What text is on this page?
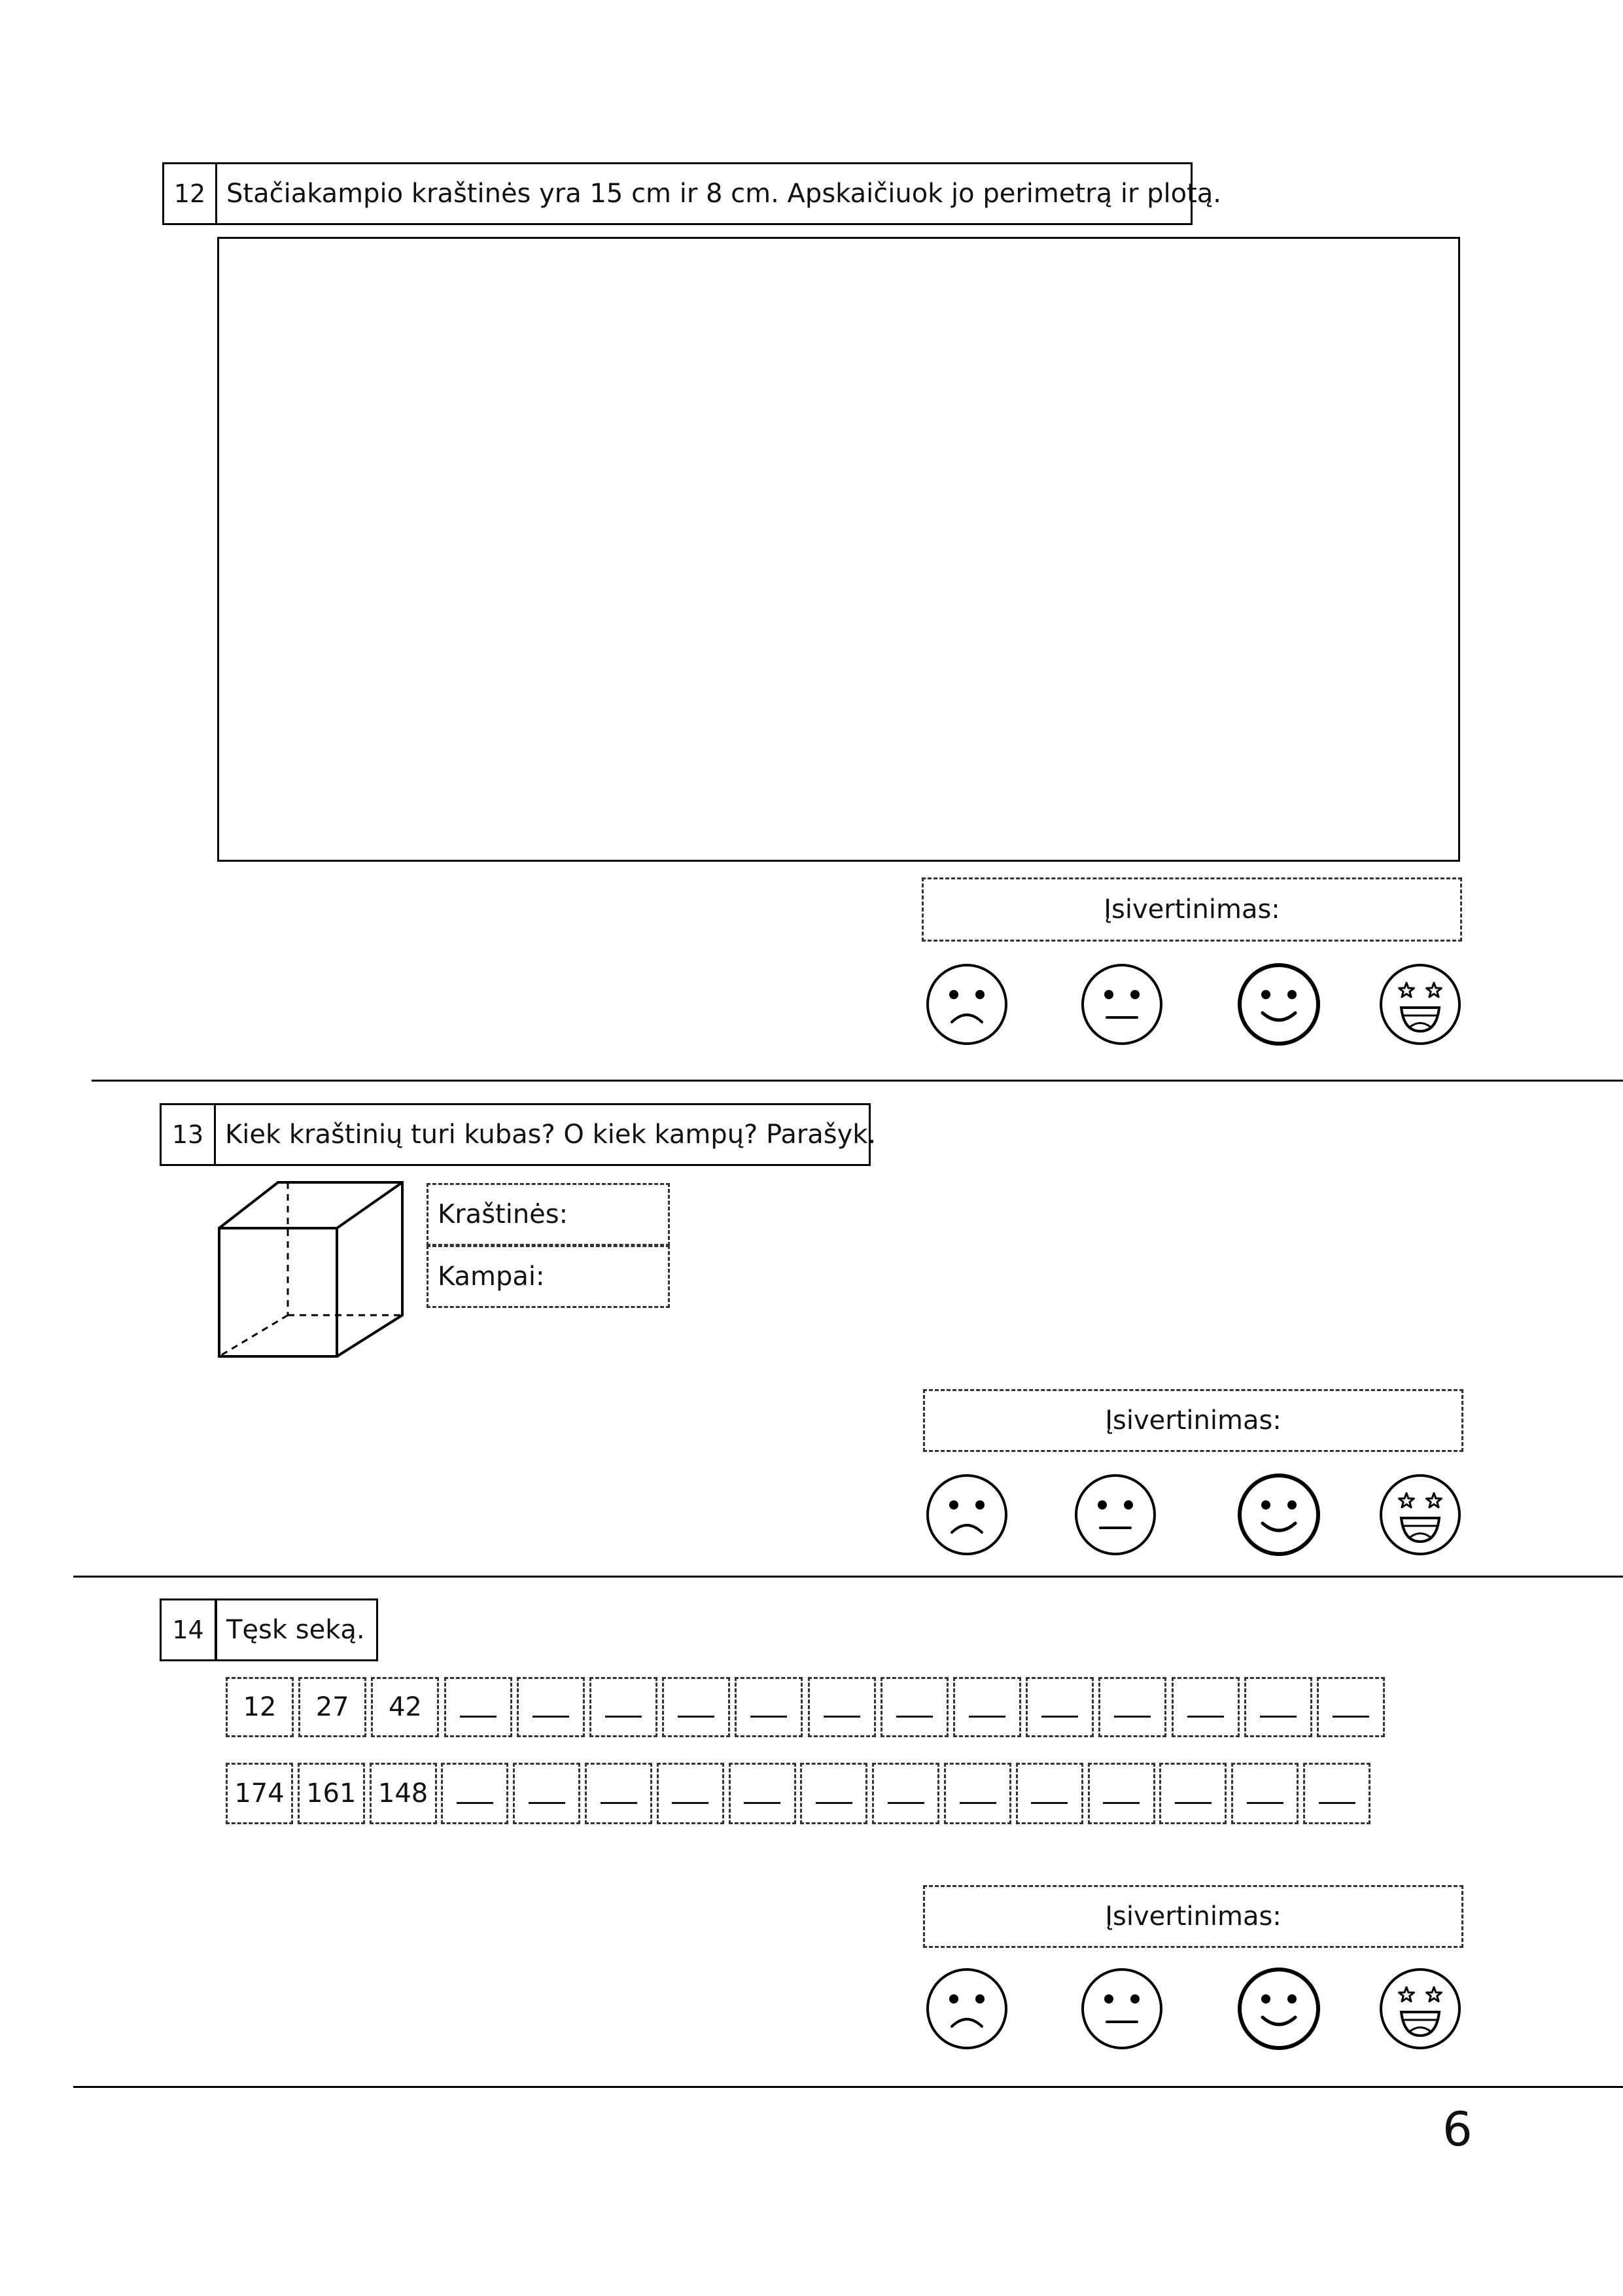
12 Stačiakampio kraštinės yra 15 cm ir 8 cm. Apskaičiuok jo perimetrą ir plotą.
Įsivertinimas:
13 Kiek kraštinių turi kubas? O kiek kampų? Parašyk.
Kraštinės:
Kampai:
Įsivertinimas:
14 Tęsk seką.
12	27	42
174 161 148
Įsivertinimas:
6
